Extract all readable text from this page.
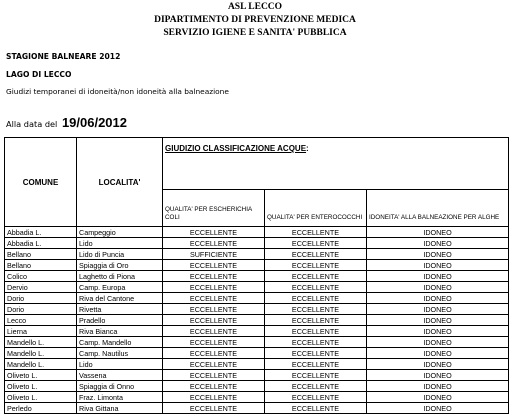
ASL LECCO
DIPARTIMENTO DI PREVENZIONE MEDICA
SERVIZIO IGIENE E SANITA' PUBBLICA
STAGIONE BALNEARE 2012
LAGO DI LECCO
Giudizi temporanei di idoneità/non idoneità alla balneazione
Alla data del 19/06/2012
COMUNE	LOCALITA'	GIUDIZIO CLASSIFICAZIONE ACQUE:		
		QUALITA' PER ESCHERICHIA COLI	QUALITA' PER ENTEROCOCCHI	IDONEITA' ALLA BALNEAZIONE PER ALGHE
Abbadia L.	Campeggio	ECCELLENTE	ECCELLENTE	IDONEO
Abbadia L.	Lido	ECCELLENTE	ECCELLENTE	IDONEO
Bellano	Lido di Puncia	SUFFICIENTE	ECCELLENTE	IDONEO
Bellano	Spiaggia di Oro	ECCELLENTE	ECCELLENTE	IDONEO
Colico	Laghetto di Piona	ECCELLENTE	ECCELLENTE	IDONEO
Dervio	Camp. Europa	ECCELLENTE	ECCELLENTE	IDONEO
Dorio	Riva del Cantone	ECCELLENTE	ECCELLENTE	IDONEO
Dorio	Rivetta	ECCELLENTE	ECCELLENTE	IDONEO
Lecco	Pradello	ECCELLENTE	ECCELLENTE	IDONEO
Lierna	Riva Bianca	ECCELLENTE	ECCELLENTE	IDONEO
Mandello L.	Camp. Mandello	ECCELLENTE	ECCELLENTE	IDONEO
Mandello L.	Camp. Nautilus	ECCELLENTE	ECCELLENTE	IDONEO
Mandello L.	Lido	ECCELLENTE	ECCELLENTE	IDONEO
Oliveto L.	Vassena	ECCELLENTE	ECCELLENTE	IDONEO
Oliveto L.	Spiaggia di Onno	ECCELLENTE	ECCELLENTE	IDONEO
Oliveto L.	Fraz. Limonta	ECCELLENTE	ECCELLENTE	IDONEO
Perledo	Riva Gittana	ECCELLENTE	ECCELLENTE	IDONEO
